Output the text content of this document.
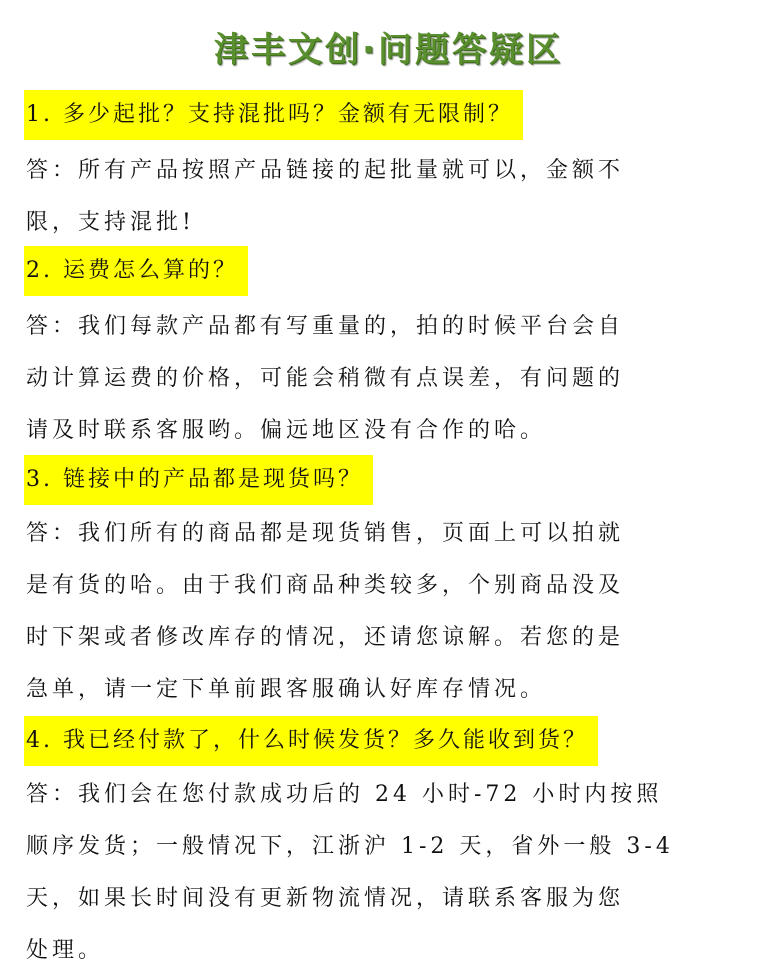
津丰文创·问题答疑区
1. 多少起批？支持混批吗？金额有无限制？
答：所有产品按照产品链接的起批量就可以，金额不
限，支持混批!
2. 运费怎么算的？
答：我们每款产品都有写重量的，拍的时候平台会自
动计算运费的价格，可能会稍微有点误差，有问题的
请及时联系客服哟。偏远地区没有合作的哈。
3. 链接中的产品都是现货吗？
答：我们所有的商品都是现货销售，页面上可以拍就
是有货的哈。由于我们商品种类较多，个别商品没及
时下架或者修改库存的情况，还请您谅解。若您的是
急单，请一定下单前跟客服确认好库存情况。
4. 我已经付款了，什么时候发货？多久能收到货？
答：我们会在您付款成功后的 24 小时-72 小时内按照
顺序发货；一般情况下，江浙沪 1-2 天，省外一般 3-4
天，如果长时间没有更新物流情况，请联系客服为您
处理。
